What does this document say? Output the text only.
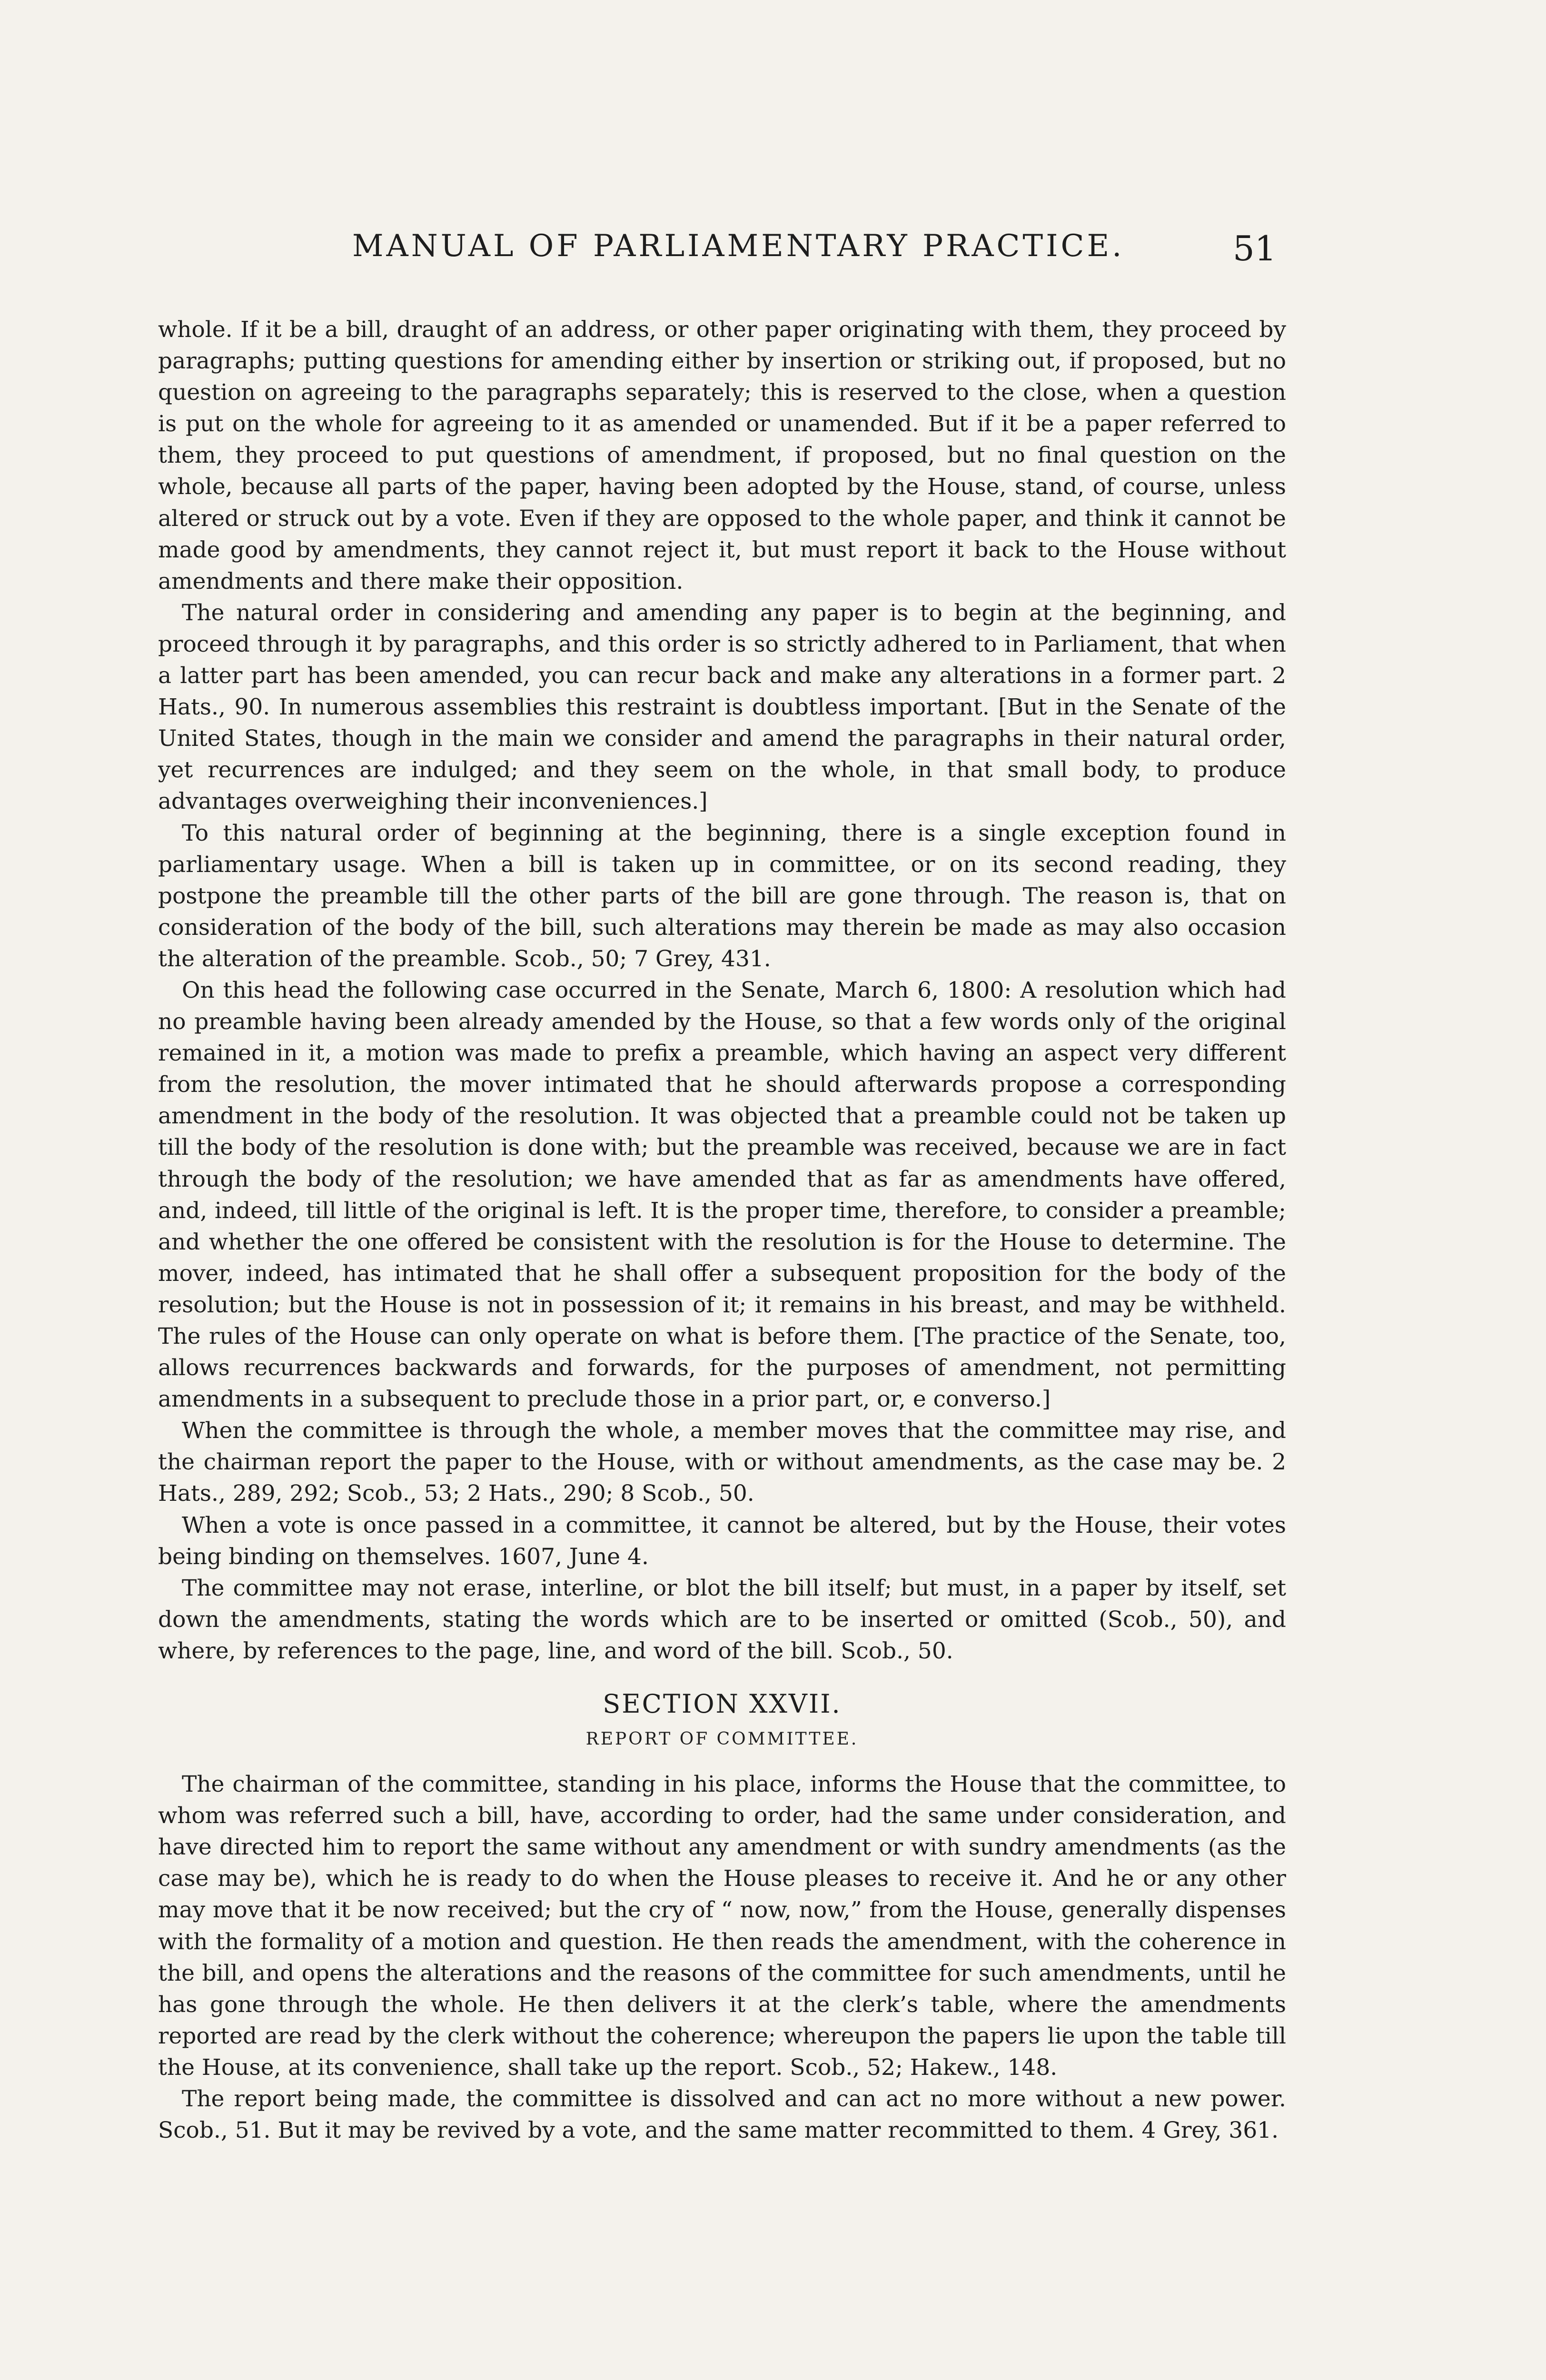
MANUAL OF PARLIAMENTARY PRACTICE.	51

whole. If it be a bill, draught of an address, or other paper originating with them, they proceed by paragraphs; putting questions for amending either by insertion or striking out, if proposed, but no question on agreeing to the paragraphs separately; this is reserved to the close, when a question is put on the whole for agreeing to it as amended or unamended. But if it be a paper referred to them, they proceed to put questions of amendment, if proposed, but no final question on the whole, because all parts of the paper, having been adopted by the House, stand, of course, unless altered or struck out by a vote. Even if they are opposed to the whole paper, and think it cannot be made good by amendments, they cannot reject it, but must report it back to the House without amendments and there make their opposition.

The natural order in considering and amending any paper is to begin at the beginning, and proceed through it by paragraphs, and this order is so strictly adhered to in Parliament, that when a latter part has been amended, you can recur back and make any alterations in a former part. 2 Hats., 90. In numerous assemblies this restraint is doubtless important. [But in the Senate of the United States, though in the main we consider and amend the paragraphs in their natural order, yet recurrences are indulged; and they seem on the whole, in that small body, to produce advantages overweighing their inconveniences.]

To this natural order of beginning at the beginning, there is a single exception found in parliamentary usage. When a bill is taken up in committee, or on its second reading, they postpone the preamble till the other parts of the bill are gone through. The reason is, that on consideration of the body of the bill, such alterations may therein be made as may also occasion the alteration of the preamble. Scob., 50; 7 Grey, 431.

On this head the following case occurred in the Senate, March 6, 1800: A resolution which had no preamble having been already amended by the House, so that a few words only of the original remained in it, a motion was made to prefix a preamble, which having an aspect very different from the resolution, the mover intimated that he should afterwards propose a corresponding amendment in the body of the resolution. It was objected that a preamble could not be taken up till the body of the resolution is done with; but the preamble was received, because we are in fact through the body of the resolution; we have amended that as far as amendments have offered, and, indeed, till little of the original is left. It is the proper time, therefore, to consider a preamble; and whether the one offered be consistent with the resolution is for the House to determine. The mover, indeed, has intimated that he shall offer a subsequent proposition for the body of the resolution; but the House is not in possession of it; it remains in his breast, and may be withheld. The rules of the House can only operate on what is before them. [The practice of the Senate, too, allows recurrences backwards and forwards, for the purposes of amendment, not permitting amendments in a subsequent to preclude those in a prior part, or, e converso.]

When the committee is through the whole, a member moves that the committee may rise, and the chairman report the paper to the House, with or without amendments, as the case may be. 2 Hats., 289, 292; Scob., 53; 2 Hats., 290; 8 Scob., 50.

When a vote is once passed in a committee, it cannot be altered, but by the House, their votes being binding on themselves. 1607, June 4.

The committee may not erase, interline, or blot the bill itself; but must, in a paper by itself, set down the amendments, stating the words which are to be inserted or omitted (Scob., 50), and where, by references to the page, line, and word of the bill. Scob., 50.

SECTION XXVII.
REPORT OF COMMITTEE.

The chairman of the committee, standing in his place, informs the House that the committee, to whom was referred such a bill, have, according to order, had the same under consideration, and have directed him to report the same without any amendment or with sundry amendments (as the case may be), which he is ready to do when the House pleases to receive it. And he or any other may move that it be now received; but the cry of “ now, now,” from the House, generally dispenses with the formality of a motion and question. He then reads the amendment, with the coherence in the bill, and opens the alterations and the reasons of the committee for such amendments, until he has gone through the whole. He then delivers it at the clerk’s table, where the amendments reported are read by the clerk without the coherence; whereupon the papers lie upon the table till the House, at its convenience, shall take up the report. Scob., 52; Hakew., 148.

The report being made, the committee is dissolved and can act no more without a new power. Scob., 51. But it may be revived by a vote, and the same matter recommitted to them. 4 Grey, 361.
